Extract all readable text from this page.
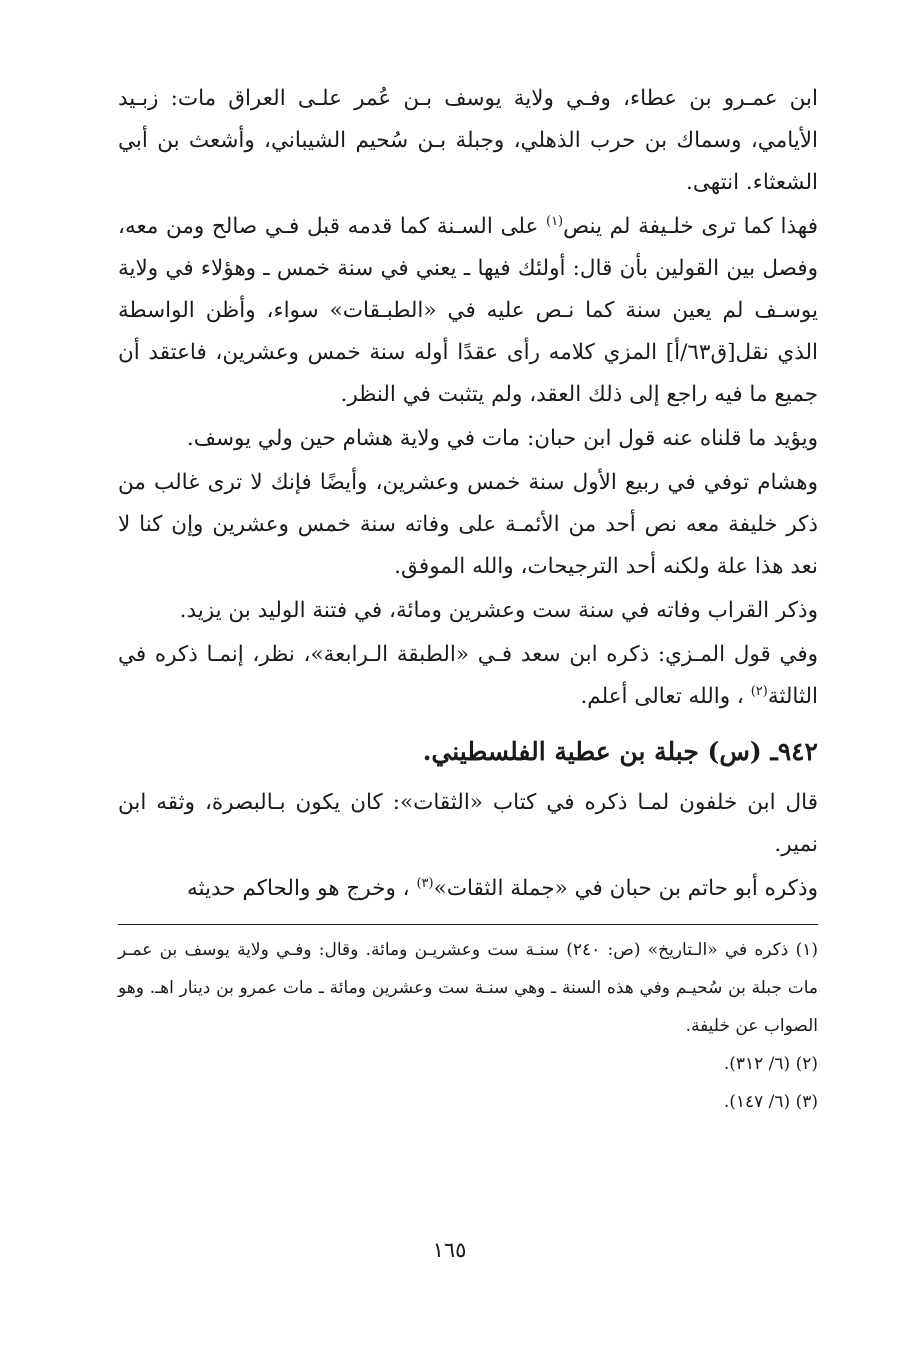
ابن عمـرو بن عطاء، وفـي ولاية يوسف بـن عُمر علـى العراق مات: زبـيد الأيامي، وسماك بن حرب الذهلي، وجبلة بـن سُحيم الشيباني، وأشعث بن أبي الشعثاء. انتهى.

فهذا كما ترى خلـيفة لم ينص$^{(١)}$ على السـنة كما قدمه قبل فـي صالح ومن معه، وفصل بين القولين بأن قال: أولئك فيها ـ يعني في سنة خمس ـ وهؤلاء في ولاية يوسـف لم يعين سنة كما نـص عليه في «الطبـقات» سواء، وأظن الواسطة الذي نقل[ق٦٣/أ] المزي كلامه رأى عقدًا أوله سنة خمس وعشرين، فاعتقد أن جميع ما فيه راجع إلى ذلك العقد، ولم يتثبت في النظر.

ويؤيد ما قلناه عنه قول ابن حبان: مات في ولاية هشام حين ولي يوسف.

وهشام توفي في ربيع الأول سنة خمس وعشرين، وأيضًا فإنك لا ترى غالب من ذكر خليفة معه نص أحد من الأئمـة على وفاته سنة خمس وعشرين وإن كنا لا نعد هذا علة ولكنه أحد الترجيحات، والله الموفق.

وذكر القراب وفاته في سنة ست وعشرين ومائة، في فتنة الوليد بن يزيد.

وفي قول المـزي: ذكره ابن سعد فـي «الطبقة الـرابعة»، نظر، إنمـا ذكره في الثالثة$^{(٢)}$ ، والله تعالى أعلم.

٩٤٢ـ (س) جبلة بن عطية الفلسطيني.

قال ابن خلفون لمـا ذكره في كتاب «الثقات»: كان يكون بـالبصرة، وثقه ابن نمير.

وذكره أبو حاتم بن حبان في «جملة الثقات»$^{(٣)}$ ، وخرج هو والحاكم حديثه

(١) ذكره في «الـتاريخ» (ص: ٢٤٠) سنـة ست وعشريـن ومائة. وقال: وفـي ولاية يوسف بن عمـر مات جبلة بن سُحيـم وفي هذه السنة ـ وهي سنـة ست وعشرين ومائة ـ مات عمرو بن دينار اهـ. وهو الصواب عن خليفة.

(٢) (٦/ ٣١٢).

(٣) (٦/ ١٤٧).

١٦٥
